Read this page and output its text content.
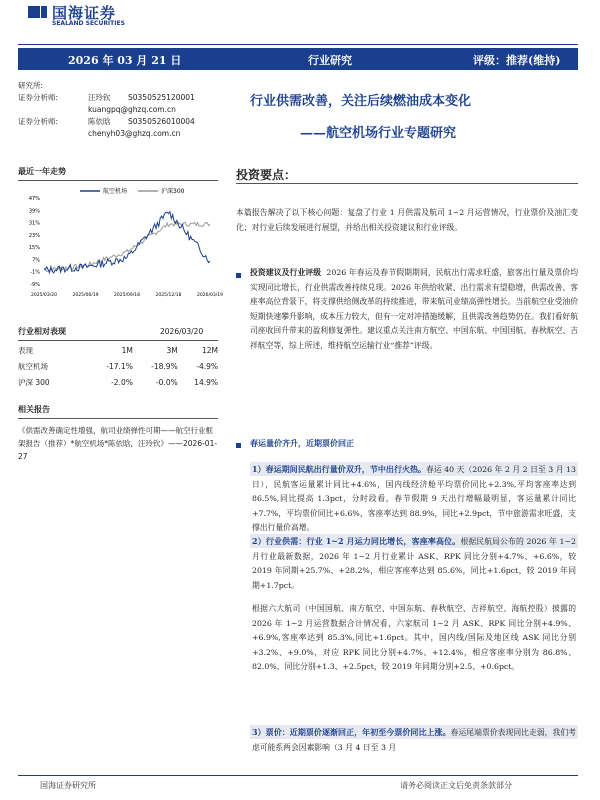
国海证券
SEALAND SECURITIES
2026 年 03 月 21 日	行业研究	评级：推荐(维持)
研究所:
证券分析师:	汪玲钦 S0350525120001
kuangpq@ghzq.com.cn
证券分析师:	陈依晗 S0350526010004
chenyh03@ghzq.com.cn
行业供需改善，关注后续燃油成本变化
——航空机场行业专题研究
最近一年走势
航空机场	沪深300
47%
39%
31%
23%
15%
7%
-1%
-9%
2025/03/20	2025/06/19	2025/09/18	2025/12/18	2026/03/19
行业相对表现	2026/03/20
表现	1M	3M	12M
航空机场	-17.1%	-18.9%	-4.9%
沪深 300	-2.0%	-0.0%	14.9%
相关报告
《供需改善确定性增强，航司业绩弹性可期——航空行业框架报告（推荐）*航空机场*陈依晗，汪玲钦》——2026-01-27
投资要点：
本篇报告解决了以下核心问题：复盘了行业 1 月供需及航司 1~2 月运营情况，行业票价及油汇变化；对行业后续发展进行展望，并给出相关投资建议和行业评级。
投资建议及行业评级 2026 年春运及春节假期期间，民航出行需求旺盛，旅客出行量及票价均实现同比增长，行业供需改善持续兑现。2026 年供给收紧、出行需求有望稳增，供需改善、客座率高位背景下，将支撑供给侧改革的持续推进，带来航司业绩高弹性增长。当前航空业受油价短期快速攀升影响，成本压力较大，但有一定对冲措施缓解，且供需改善趋势仍在。我们看好航司座收回升带来的盈利修复弹性。建议重点关注南方航空、中国东航、中国国航、春秋航空、吉祥航空等，综上所述，维持航空运输行业“推荐”评级。
春运量价齐升，近期票价回正
1）春运期间民航出行量价双升，节中出行火热。春运 40 天（2026 年 2 月 2 日至 3 月 13 日），民航客运量累计同比+4.6%，国内线经济舱平均票价同比+2.3%,平均客座率达到 86.5%,同比提高 1.3pct，分时段看，春节假期 9 天出行增幅最明显，客运量累计同比+7.7%，平均票价同比+6.6%，客座率达到 88.9%，同比+2.9pct，节中旅游需求旺盛，支撑出行量价高增。
2）行业供需：行业 1~2 月运力同比增长，客座率高位。根据民航局公布的 2026 年 1~2 月行业最新数据，2026 年 1~2 月行业累计 ASK、RPK 同比分别+4.7%、+6.6%，较 2019 年同期+25.7%、+28.2%，相应客座率达到 85.6%，同比+1.6pct，较 2019 年同期+1.7pct。
根据六大航司（中国国航、南方航空、中国东航、春秋航空、吉祥航空、海航控股）披露的 2026 年 1~2 月运营数据合计情况看，六家航司 1~2 月 ASK、RPK 同比分别+4.9%、+6.9%,客座率达到 85.3%,同比+1.6pct。其中，国内线/国际及地区线 ASK 同比分别+3.2%、+9.0%，对应 RPK 同比分别+4.7%、+12.4%，相应客座率分别为 86.8%、82.0%，同比分别+1.3、+2.5pct，较 2019 年同期分别+2.5、+0.6pct。
3）票价：近期票价逐渐回正，年初至今票价同比上涨。春运尾端票价表现同比走弱，我们考虑可能系两会因素影响（3 月 4 日至 3 月
国海证券研究所	请务必阅读正文后免责条款部分
